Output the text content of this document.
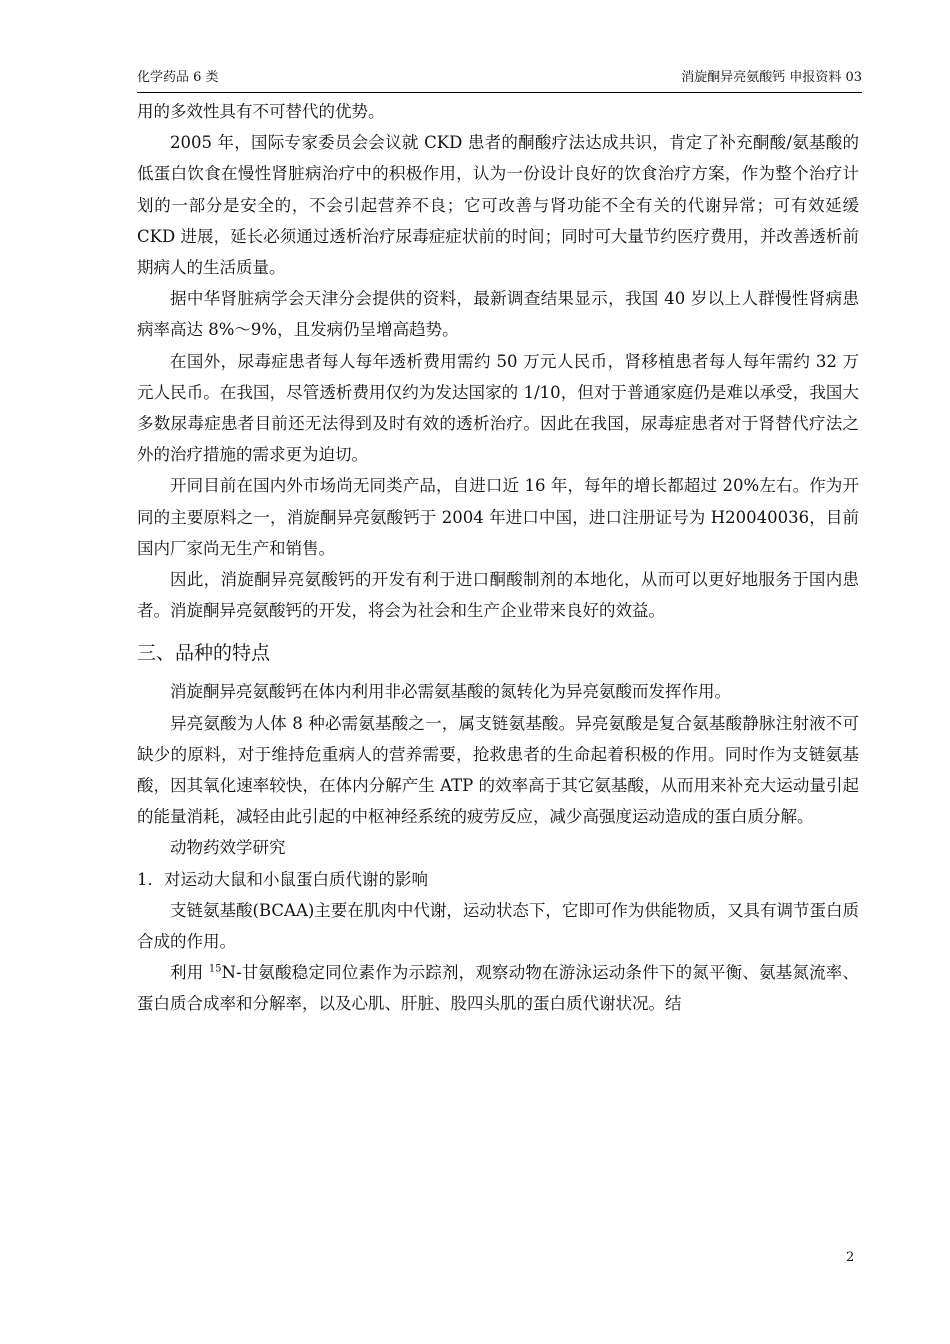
化学药品 6 类	消旋酮异亮氨酸钙 申报资料 03

用的多效性具有不可替代的优势。

2005 年，国际专家委员会会议就 CKD 患者的酮酸疗法达成共识，肯定了补充酮酸/氨基酸的低蛋白饮食在慢性肾脏病治疗中的积极作用，认为一份设计良好的饮食治疗方案，作为整个治疗计划的一部分是安全的，不会引起营养不良；它可改善与肾功能不全有关的代谢异常；可有效延缓 CKD 进展，延长必须通过透析治疗尿毒症症状前的时间；同时可大量节约医疗费用，并改善透析前期病人的生活质量。

据中华肾脏病学会天津分会提供的资料，最新调查结果显示，我国 40 岁以上人群慢性肾病患病率高达 8%～9%，且发病仍呈增高趋势。

在国外，尿毒症患者每人每年透析费用需约 50 万元人民币，肾移植患者每人每年需约 32 万元人民币。在我国，尽管透析费用仅约为发达国家的 1/10，但对于普通家庭仍是难以承受，我国大多数尿毒症患者目前还无法得到及时有效的透析治疗。因此在我国，尿毒症患者对于肾替代疗法之外的治疗措施的需求更为迫切。

开同目前在国内外市场尚无同类产品，自进口近 16 年，每年的增长都超过 20%左右。作为开同的主要原料之一，消旋酮异亮氨酸钙于 2004 年进口中国，进口注册证号为 H20040036，目前国内厂家尚无生产和销售。

因此，消旋酮异亮氨酸钙的开发有利于进口酮酸制剂的本地化，从而可以更好地服务于国内患者。消旋酮异亮氨酸钙的开发，将会为社会和生产企业带来良好的效益。

三、品种的特点

消旋酮异亮氨酸钙在体内利用非必需氨基酸的氮转化为异亮氨酸而发挥作用。

异亮氨酸为人体 8 种必需氨基酸之一，属支链氨基酸。异亮氨酸是复合氨基酸静脉注射液不可缺少的原料，对于维持危重病人的营养需要，抢救患者的生命起着积极的作用。同时作为支链氨基酸，因其氧化速率较快，在体内分解产生 ATP 的效率高于其它氨基酸，从而用来补充大运动量引起的能量消耗，减轻由此引起的中枢神经系统的疲劳反应，减少高强度运动造成的蛋白质分解。

动物药效学研究

1．对运动大鼠和小鼠蛋白质代谢的影响

支链氨基酸(BCAA)主要在肌肉中代谢，运动状态下，它即可作为供能物质，又具有调节蛋白质合成的作用。

利用 $^{15}$N-甘氨酸稳定同位素作为示踪剂，观察动物在游泳运动条件下的氮平衡、氨基氮流率、蛋白质合成率和分解率，以及心肌、肝脏、股四头肌的蛋白质代谢状况。结

2
